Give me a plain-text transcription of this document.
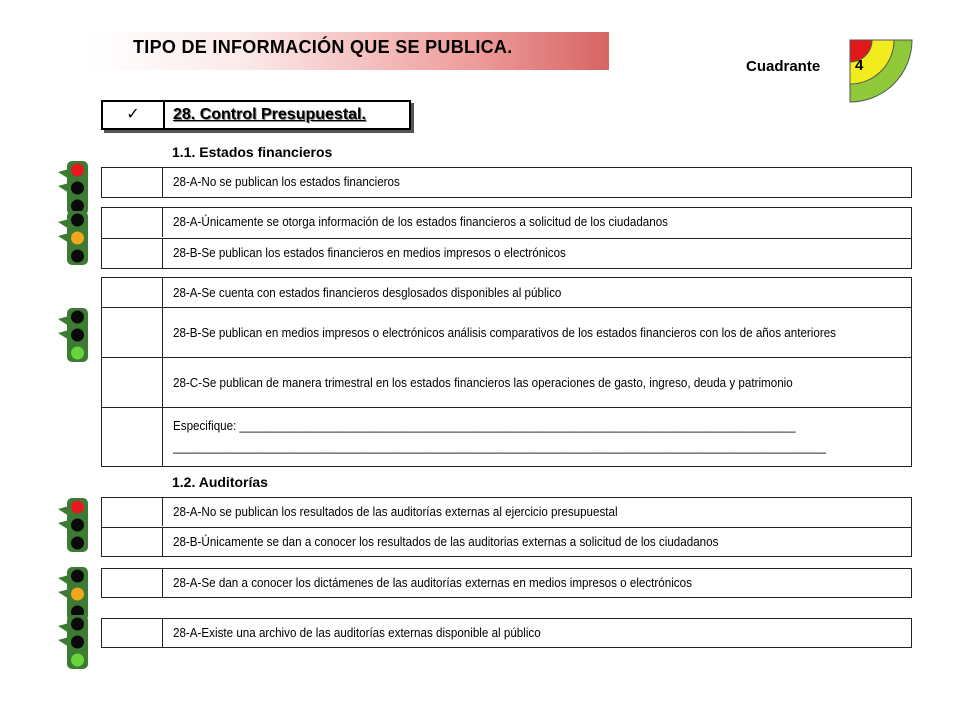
TIPO DE INFORMACIÓN QUE SE PUBLICA.
Cuadrante 4
✓	28. Control Presupuestal.
1.1. Estados financieros
28-A-No se publican los estados financieros
28-A-Únicamente se otorga información de los estados financieros a solicitud de los ciudadanos
28-B-Se publican los estados financieros en medios impresos o electrónicos
28-A-Se cuenta con estados financieros desglosados disponibles al público
28-B-Se publican en medios impresos o electrónicos análisis comparativos de los estados financieros con los de años anteriores
28-C-Se publican de manera trimestral en los estados financieros las operaciones de gasto, ingreso, deuda y patrimonio
Especifique: ______________________________________________________________________________________
_____________________________________________________________________________________________________
1.2. Auditorías
28-A-No se publican los resultados de las auditorías externas al ejercicio presupuestal
28-B-Únicamente se dan a conocer los resultados de las auditorias externas a solicitud de los ciudadanos
28-A-Se dan a conocer los dictámenes de las auditorías externas en medios impresos o electrónicos
28-A-Existe una archivo de las auditorías externas disponible al público
